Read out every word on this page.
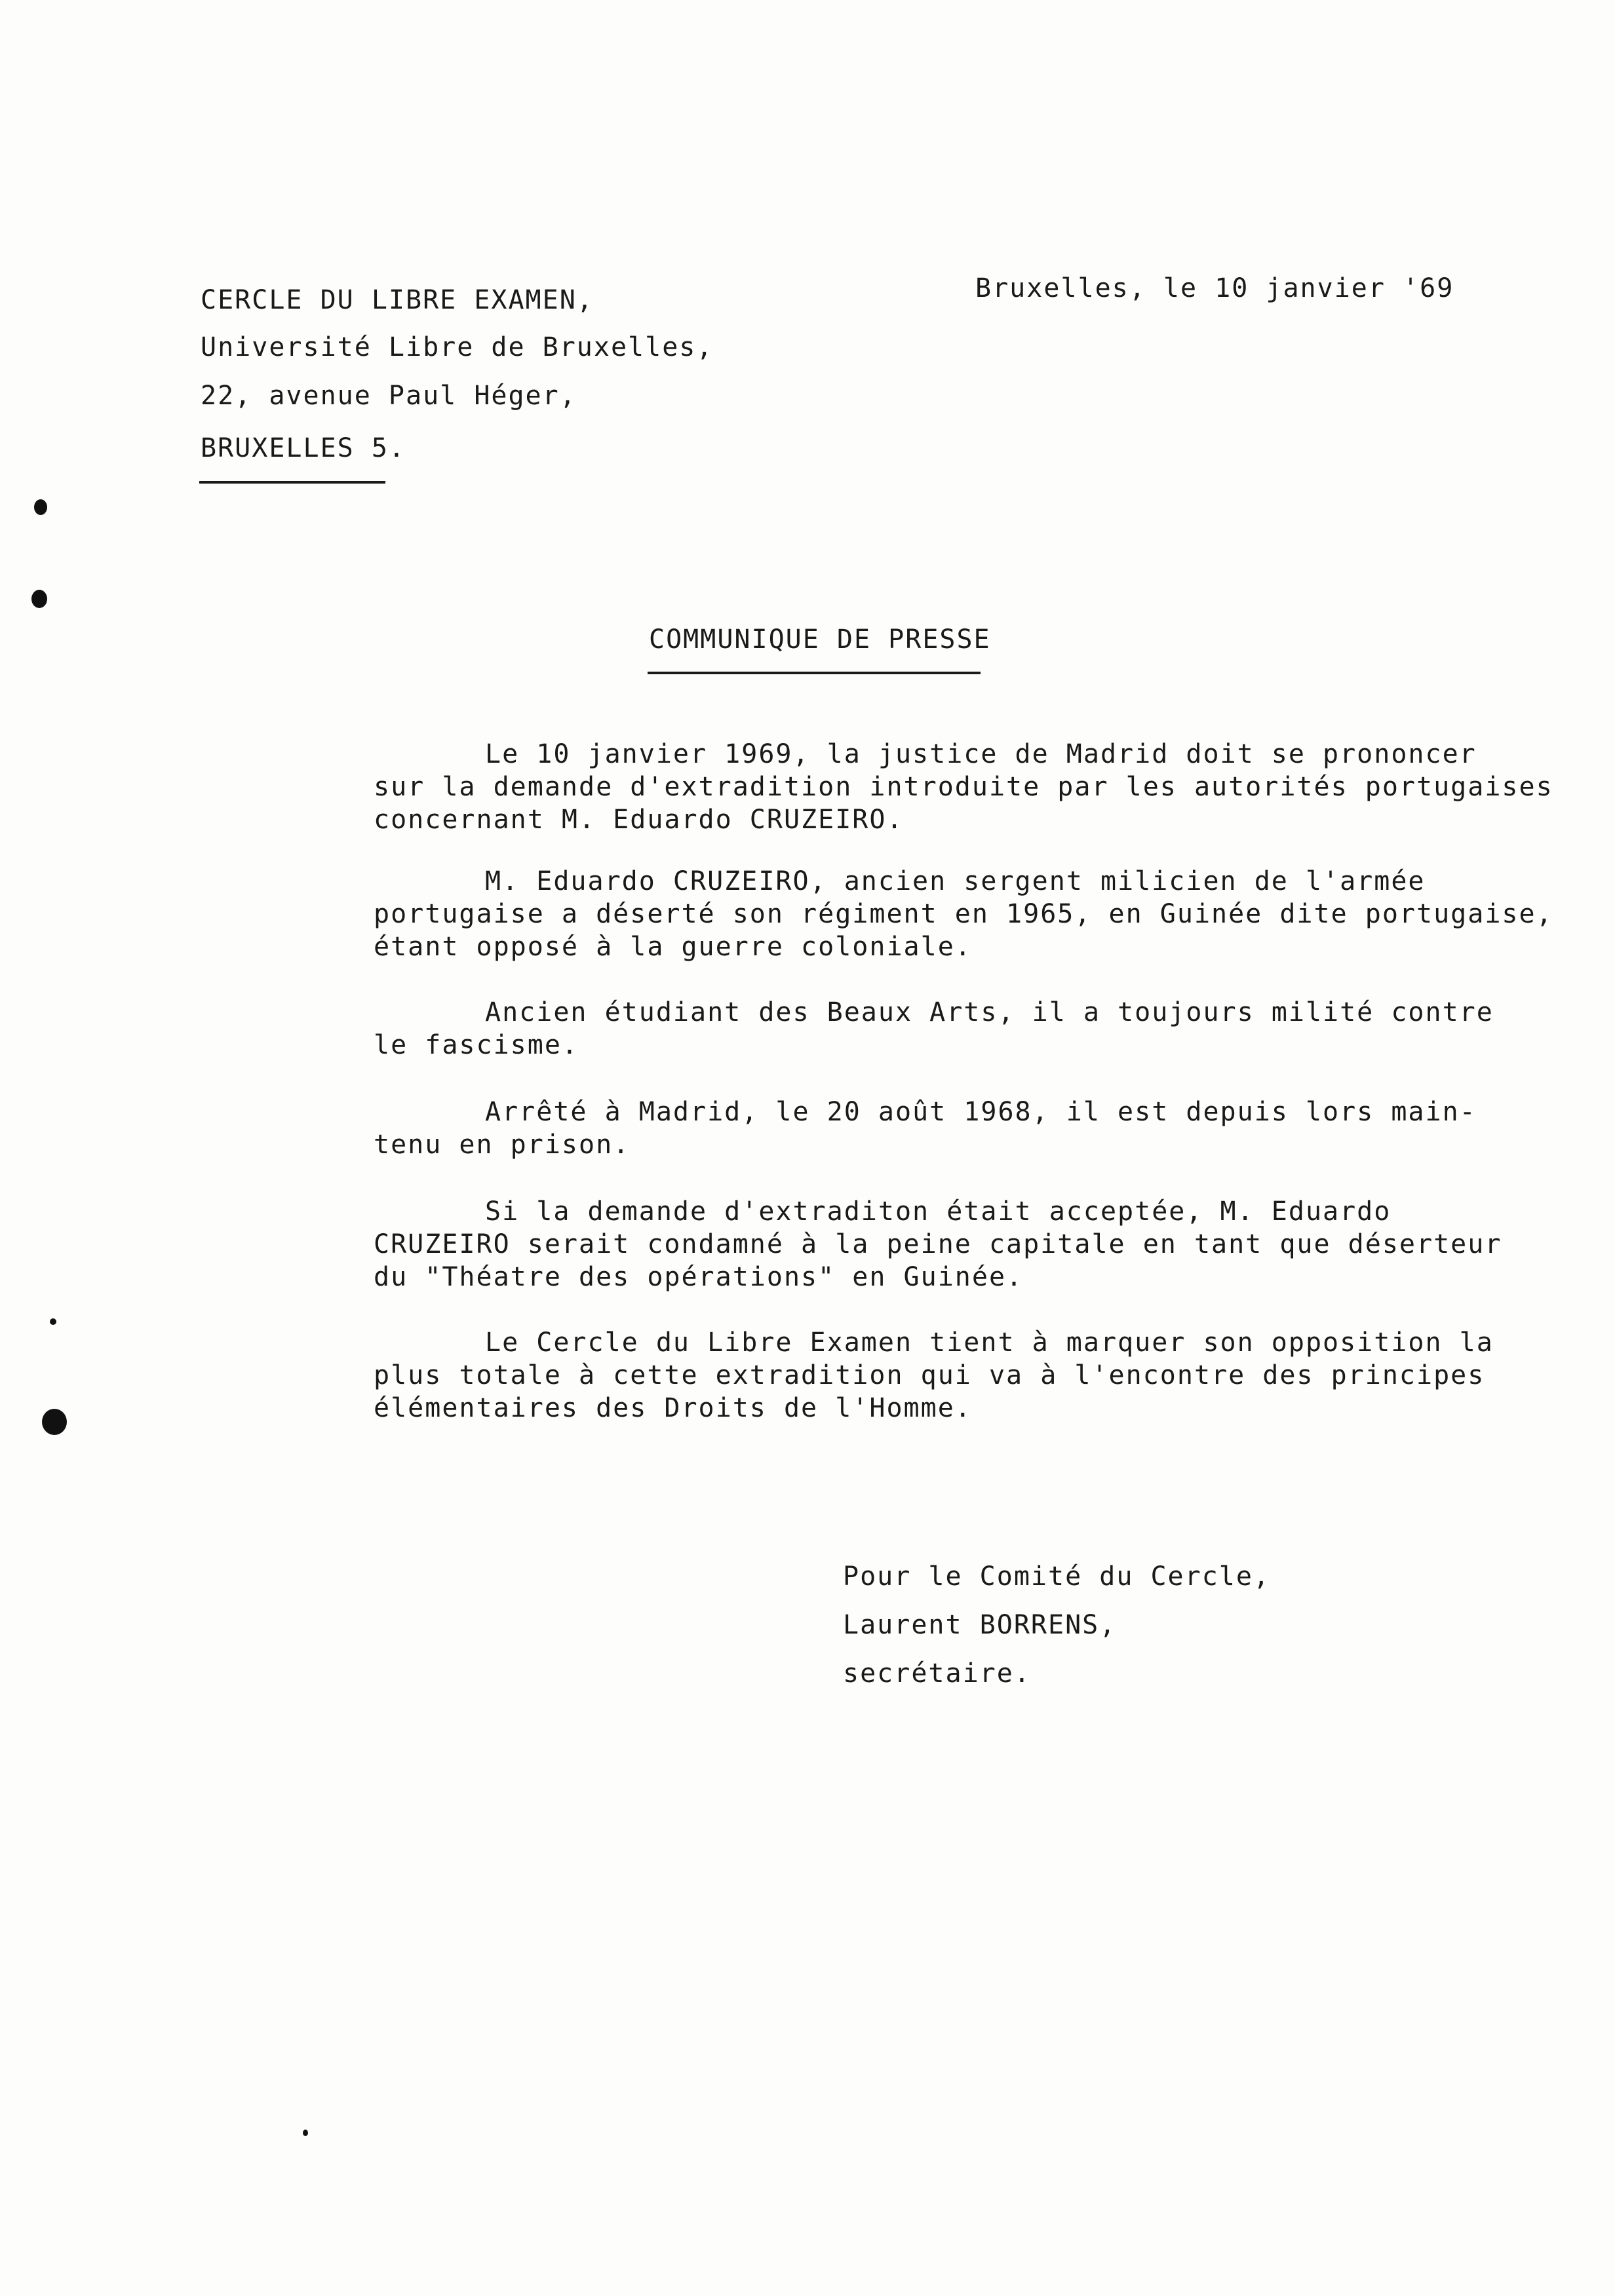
CERCLE DU LIBRE EXAMEN,
Université Libre de Bruxelles,
22, avenue Paul Héger,
BRUXELLES 5.
Bruxelles, le 10 janvier '69
COMMUNIQUE DE PRESSE
Le 10 janvier 1969, la justice de Madrid doit se prononcer
sur la demande d'extradition introduite par les autorités portugaises
concernant M. Eduardo CRUZEIRO.
M. Eduardo CRUZEIRO, ancien sergent milicien de l'armée
portugaise a déserté son régiment en 1965, en Guinée dite portugaise,
étant opposé à la guerre coloniale.
Ancien étudiant des Beaux Arts, il a toujours milité contre
le fascisme.
Arrêté à Madrid, le 20 août 1968, il est depuis lors main-
tenu en prison.
Si la demande d'extraditon était acceptée, M. Eduardo
CRUZEIRO serait condamné à la peine capitale en tant que déserteur
du "Théatre des opérations" en Guinée.
Le Cercle du Libre Examen tient à marquer son opposition la
plus totale à cette extradition qui va à l'encontre des principes
élémentaires des Droits de l'Homme.
Pour le Comité du Cercle,
Laurent BORRENS,
secrétaire.
